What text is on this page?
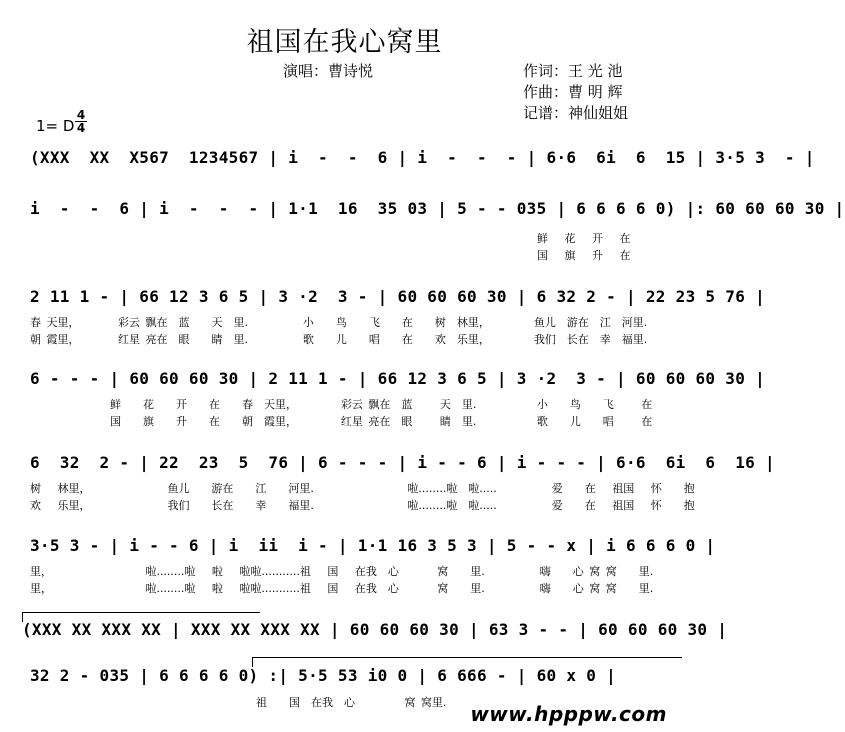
祖国在我心窝里
演唱：曹诗悦	作词：王 光 池
作曲：曹 明 辉
记谱：神仙姐姐
1= D $\frac{4}{4}$
(XXX  XX  X567  1234567 | i  -  -  6 | i  -  -  - | 6·6  6i  6  15 | 3·5 3  - |
i  -  -  6 | i  -  -  - | 1·1  16  35 03 | 5 - - 035 | 6 6 6 6 0) |: 60 60 60 30 |
鲜   花   开   在
国   旗   升   在
2 11 1 - | 66 12 3 6 5 | 3 ·2  3 - | 60 60 60 30 | 6 32 2 - | 22 23 5 76 |
春 天里，       彩云 飘在  蓝    天  里.          小    鸟    飞    在    树  林里，        鱼儿  游在  江  河里.
朝 霞里，       红星 亮在  眼    睛  里.          歌    儿    唱    在    欢  乐里，        我们  长在  幸  福里.
6 - - - | 60 60 60 30 | 2 11 1 - | 66 12 3 6 5 | 3 ·2  3 - | 60 60 60 30 |
鲜    花    开    在    春  天里，        彩云 飘在  蓝     天  里.           小    鸟    飞     在
国    旗    升    在    朝  霞里，        红星 亮在  眼     睛  里.           歌    儿    唱     在
6  32  2 - | 22  23  5  76 | 6 - - - | i - - 6 | i - - - | 6·6  6i  6  16 |
树   林里，              鱼儿    游在    江    河里.                 啦........啦  啦.....          爱    在   祖国   怀    抱
欢   乐里，              我们    长在    幸    福里.                 啦........啦  啦.....          爱    在   祖国   怀    抱
3·5 3 - | i - - 6 | i  ii  i - | 1·1 16 3 5 3 | 5 - - x | i 6 6 6 0 |
里，                 啦........啦   啦   啦啦...........祖   国   在我  心       窝    里.          嗨    心 窝 窝    里.
里，                 啦........啦   啦   啦啦...........祖   国   在我  心       窝    里.          嗨    心 窝 窝    里.
(XXX XX XXX XX | XXX XX XXX XX | 60 60 60 30 | 63 3 - - | 60 60 60 30 |
32 2 - 035 | 6 6 6 6 0) :| 5·5 53 i0 0 | 6 666 - | 60 x 0 |
祖    国  在我  心         窝 窝里. www.hpppw.com
